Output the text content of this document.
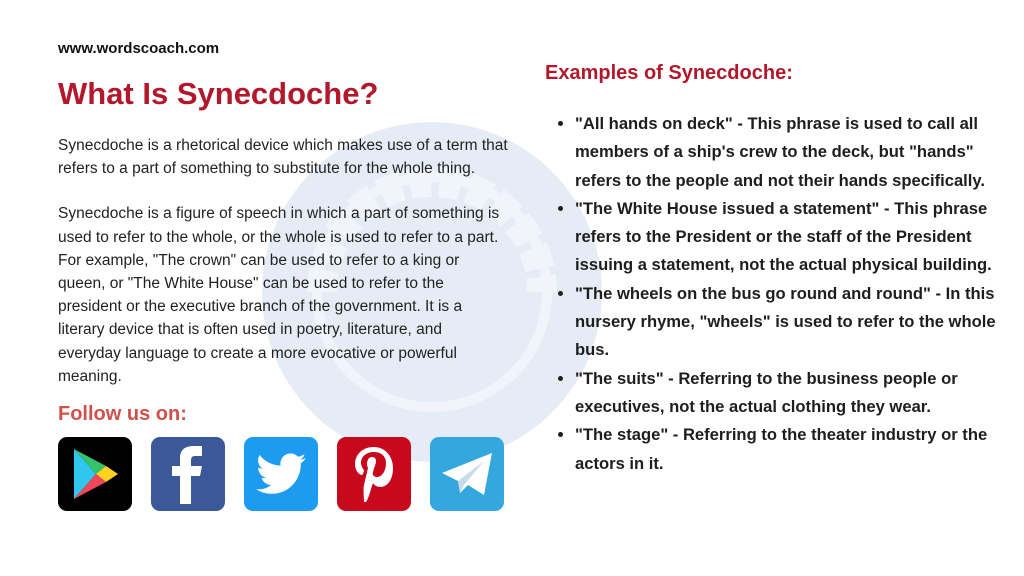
www.wordscoach.com
What Is Synecdoche?

Synecdoche is a rhetorical device which makes use of a term that refers to a part of something to substitute for the whole thing.

Synecdoche is a figure of speech in which a part of something is used to refer to the whole, or the whole is used to refer to a part. For example, "The crown" can be used to refer to a king or queen, or "The White House" can be used to refer to the president or the executive branch of the government. It is a literary device that is often used in poetry, literature, and everyday language to create a more evocative or powerful meaning.

Follow us on:
Examples of Synecdoche:
• "All hands on deck" - This phrase is used to call all members of a ship's crew to the deck, but "hands" refers to the people and not their hands specifically.
• "The White House issued a statement" - This phrase refers to the President or the staff of the President issuing a statement, not the actual physical building.
• "The wheels on the bus go round and round" - In this nursery rhyme, "wheels" is used to refer to the whole bus.
• "The suits" - Referring to the business people or executives, not the actual clothing they wear.
• "The stage" - Referring to the theater industry or the actors in it.
